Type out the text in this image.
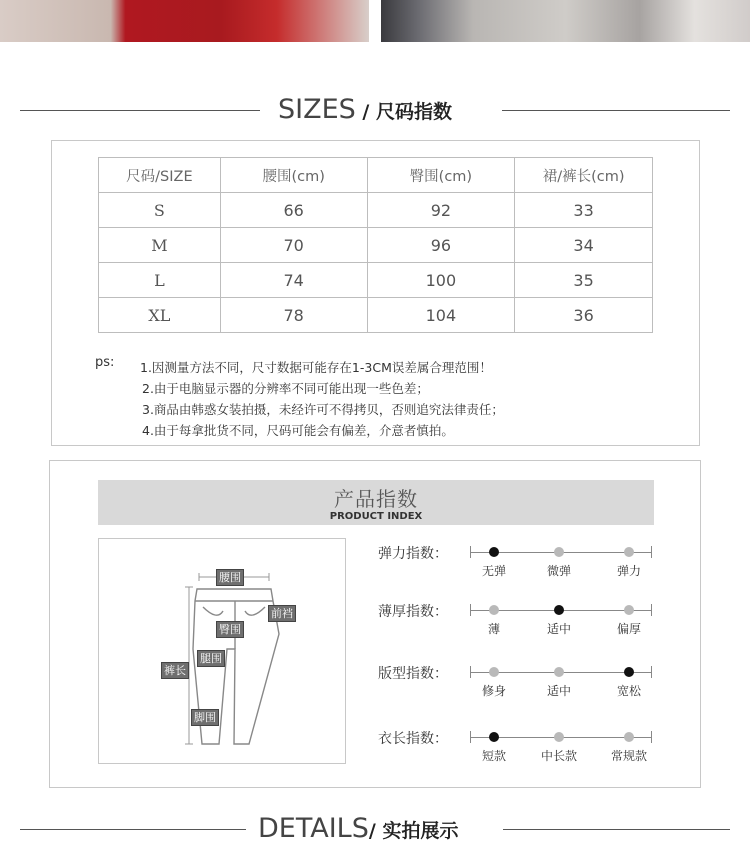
SIZES / 尺码指数
尺码/SIZE	腰围(cm)	臀围(cm)	裙/裤长(cm)
S	66	92	33
M	70	96	34
L	74	100	35
XL	78	104	36
ps: 1.因测量方法不同，尺寸数据可能存在1-3CM误差属合理范围！
2.由于电脑显示器的分辨率不同可能出现一些色差；
3.商品由韩惑女装拍摄，未经许可不得拷贝，否则追究法律责任；
4.由于每拿批货不同，尺码可能会有偏差，介意者慎拍。
产品指数
PRODUCT INDEX
腰围
前裆
臀围
裤长
腿围
脚围
弹力指数：
无弹	微弹	弹力
薄厚指数：
薄	适中	偏厚
版型指数：
修身	适中	宽松
衣长指数：
短款	中长款	常规款
DETAILS/ 实拍展示
